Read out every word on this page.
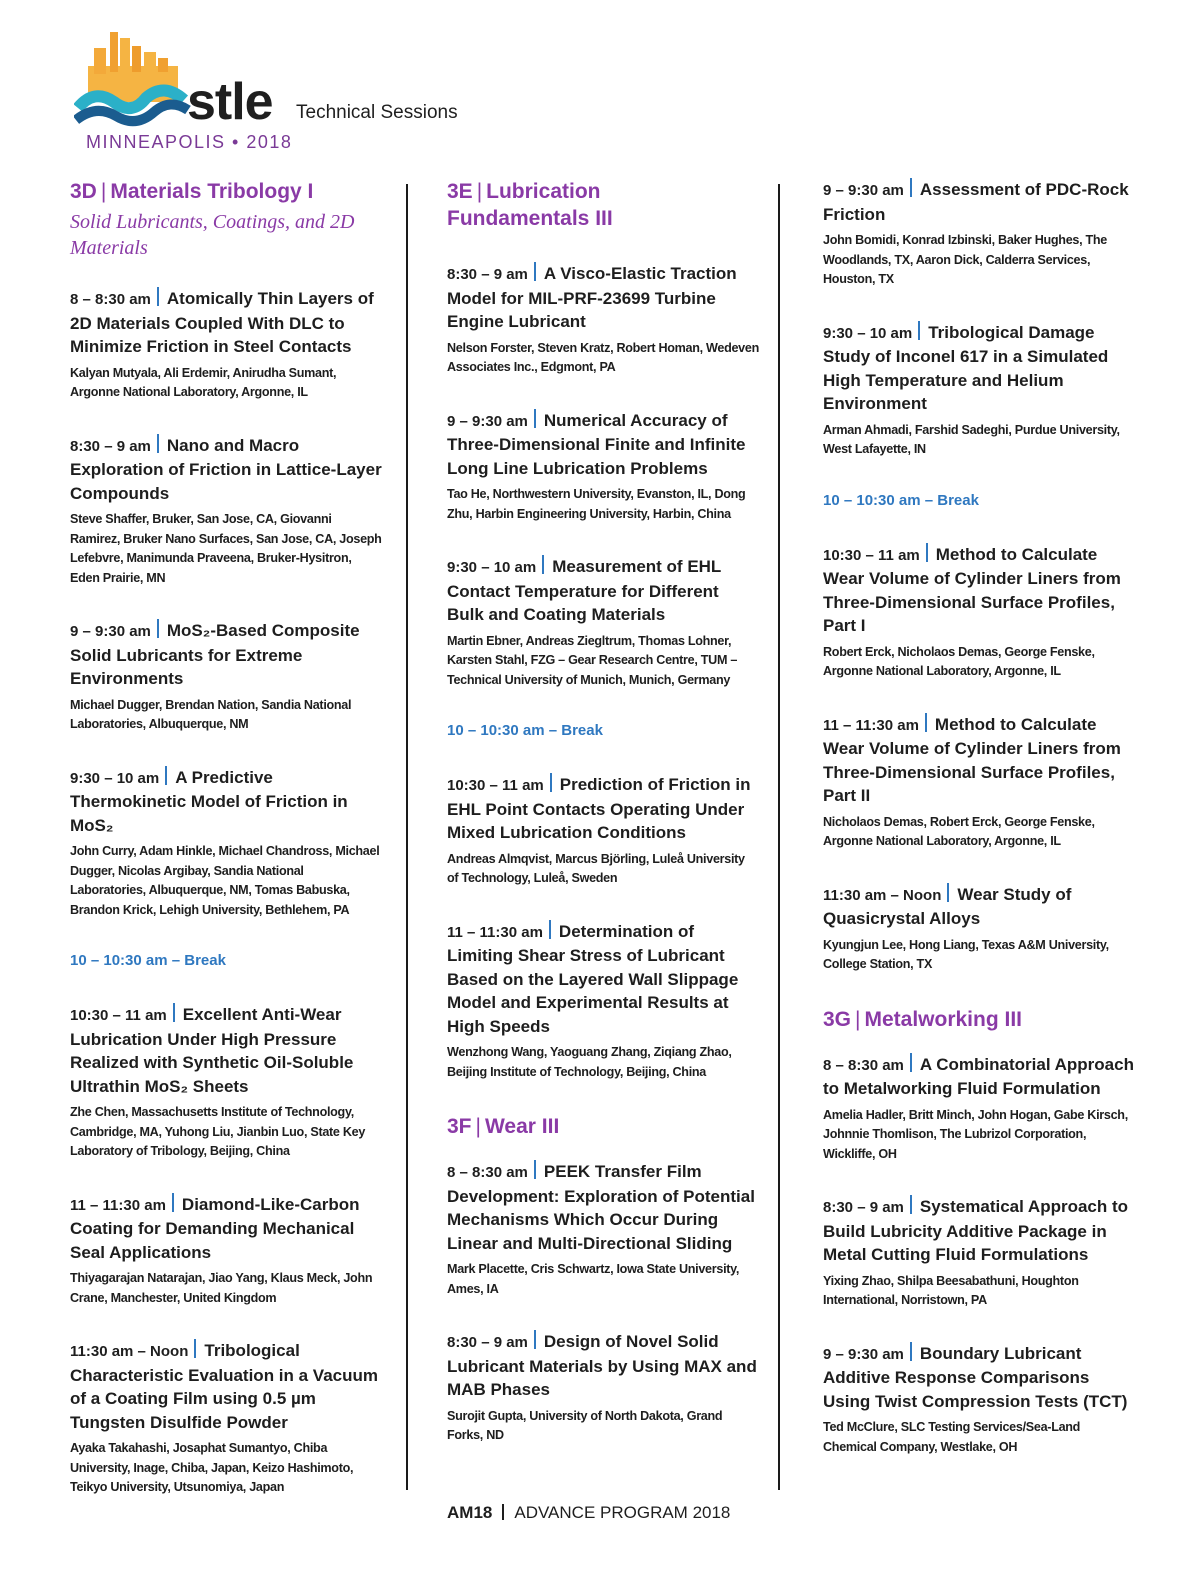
stle Technical Sessions
MINNEAPOLIS • 2018
3D | Materials Tribology I
Solid Lubricants, Coatings, and 2D Materials
8 – 8:30 am Atomically Thin Layers of 2D Materials Coupled With DLC to Minimize Friction in Steel Contacts
Kalyan Mutyala, Ali Erdemir, Anirudha Sumant, Argonne National Laboratory, Argonne, IL
8:30 – 9 am Nano and Macro Exploration of Friction in Lattice-Layer Compounds
Steve Shaffer, Bruker, San Jose, CA, Giovanni Ramirez, Bruker Nano Surfaces, San Jose, CA, Joseph Lefebvre, Manimunda Praveena, Bruker-Hysitron, Eden Prairie, MN
9 – 9:30 am MoS₂-Based Composite Solid Lubricants for Extreme Environments
Michael Dugger, Brendan Nation, Sandia National Laboratories, Albuquerque, NM
9:30 – 10 am A Predictive Thermokinetic Model of Friction in MoS₂
John Curry, Adam Hinkle, Michael Chandross, Michael Dugger, Nicolas Argibay, Sandia National Laboratories, Albuquerque, NM, Tomas Babuska, Brandon Krick, Lehigh University, Bethlehem, PA
10 – 10:30 am – Break
10:30 – 11 am Excellent Anti-Wear Lubrication Under High Pressure Realized with Synthetic Oil-Soluble Ultrathin MoS₂ Sheets
Zhe Chen, Massachusetts Institute of Technology, Cambridge, MA, Yuhong Liu, Jianbin Luo, State Key Laboratory of Tribology, Beijing, China
11 – 11:30 am Diamond-Like-Carbon Coating for Demanding Mechanical Seal Applications
Thiyagarajan Natarajan, Jiao Yang, Klaus Meck, John Crane, Manchester, United Kingdom
11:30 am – Noon Tribological Characteristic Evaluation in a Vacuum of a Coating Film using 0.5 µm Tungsten Disulfide Powder
Ayaka Takahashi, Josaphat Sumantyo, Chiba University, Inage, Chiba, Japan, Keizo Hashimoto, Teikyo University, Utsunomiya, Japan
3E | Lubrication Fundamentals III
8:30 – 9 am A Visco-Elastic Traction Model for MIL-PRF-23699 Turbine Engine Lubricant
Nelson Forster, Steven Kratz, Robert Homan, Wedeven Associates Inc., Edgmont, PA
9 – 9:30 am Numerical Accuracy of Three-Dimensional Finite and Infinite Long Line Lubrication Problems
Tao He, Northwestern University, Evanston, IL, Dong Zhu, Harbin Engineering University, Harbin, China
9:30 – 10 am Measurement of EHL Contact Temperature for Different Bulk and Coating Materials
Martin Ebner, Andreas Ziegltrum, Thomas Lohner, Karsten Stahl, FZG – Gear Research Centre, TUM – Technical University of Munich, Munich, Germany
10 – 10:30 am – Break
10:30 – 11 am Prediction of Friction in EHL Point Contacts Operating Under Mixed Lubrication Conditions
Andreas Almqvist, Marcus Björling, Luleå University of Technology, Luleå, Sweden
11 – 11:30 am Determination of Limiting Shear Stress of Lubricant Based on the Layered Wall Slippage Model and Experimental Results at High Speeds
Wenzhong Wang, Yaoguang Zhang, Ziqiang Zhao, Beijing Institute of Technology, Beijing, China
3F | Wear III
8 – 8:30 am PEEK Transfer Film Development: Exploration of Potential Mechanisms Which Occur During Linear and Multi-Directional Sliding
Mark Placette, Cris Schwartz, Iowa State University, Ames, IA
8:30 – 9 am Design of Novel Solid Lubricant Materials by Using MAX and MAB Phases
Surojit Gupta, University of North Dakota, Grand Forks, ND
9 – 9:30 am Assessment of PDC-Rock Friction
John Bomidi, Konrad Izbinski, Baker Hughes, The Woodlands, TX, Aaron Dick, Calderra Services, Houston, TX
9:30 – 10 am Tribological Damage Study of Inconel 617 in a Simulated High Temperature and Helium Environment
Arman Ahmadi, Farshid Sadeghi, Purdue University, West Lafayette, IN
10 – 10:30 am – Break
10:30 – 11 am Method to Calculate Wear Volume of Cylinder Liners from Three-Dimensional Surface Profiles, Part I
Robert Erck, Nicholaos Demas, George Fenske, Argonne National Laboratory, Argonne, IL
11 – 11:30 am Method to Calculate Wear Volume of Cylinder Liners from Three-Dimensional Surface Profiles, Part II
Nicholaos Demas, Robert Erck, George Fenske, Argonne National Laboratory, Argonne, IL
11:30 am – Noon Wear Study of Quasicrystal Alloys
Kyungjun Lee, Hong Liang, Texas A&M University, College Station, TX
3G | Metalworking III
8 – 8:30 am A Combinatorial Approach to Metalworking Fluid Formulation
Amelia Hadler, Britt Minch, John Hogan, Gabe Kirsch, Johnnie Thomlison, The Lubrizol Corporation, Wickliffe, OH
8:30 – 9 am Systematical Approach to Build Lubricity Additive Package in Metal Cutting Fluid Formulations
Yixing Zhao, Shilpa Beesabathuni, Houghton International, Norristown, PA
9 – 9:30 am Boundary Lubricant Additive Response Comparisons Using Twist Compression Tests (TCT)
Ted McClure, SLC Testing Services/Sea-Land Chemical Company, Westlake, OH
AM18 ADVANCE PROGRAM 2018
